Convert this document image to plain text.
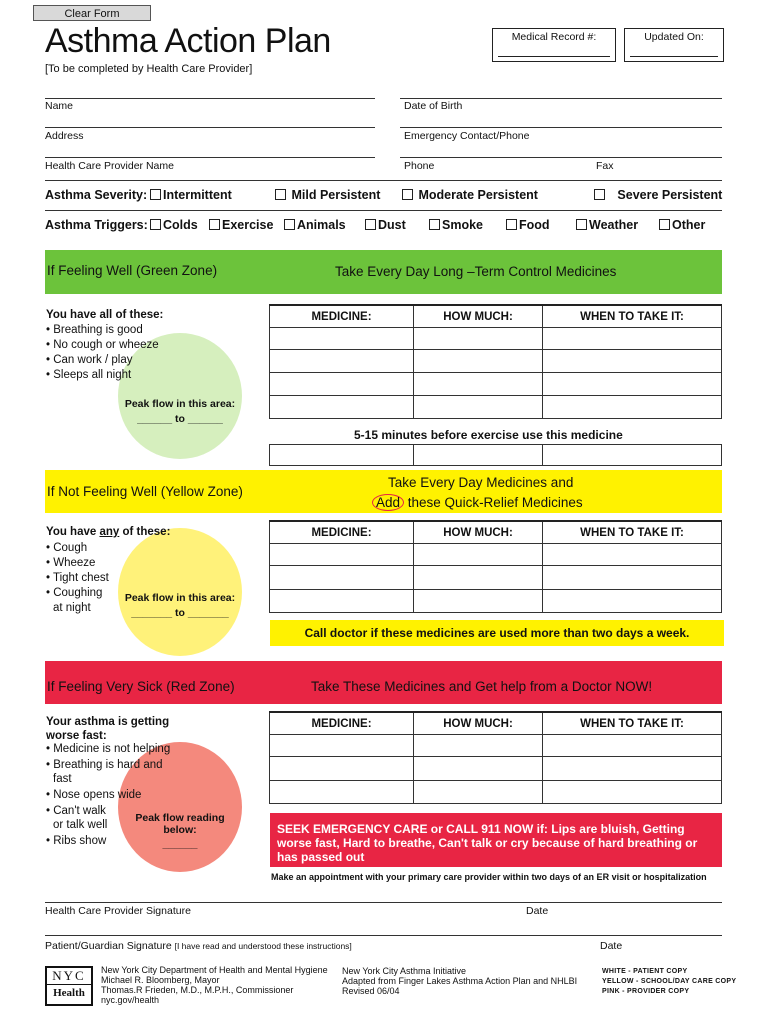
Clear Form
Asthma Action Plan
[To be completed by Health Care Provider]
Medical Record #:	Updated On:
Name	Date of Birth
Address	Emergency Contact/Phone
Health Care Provider Name	Phone	Fax
Asthma Severity:	Intermittent	Mild Persistent	Moderate Persistent	Severe Persistent
Asthma Triggers:	Colds	Exercise	Animals	Dust	Smoke	Food	Weather	Other
If Feeling Well (Green Zone)	Take Every Day Long –Term Control Medicines
Peak flow in this area:
______ to ______
You have all of these:
• Breathing is good
• No cough or wheeze
• Can work / play
• Sleeps all night
MEDICINE:	HOW MUCH:	WHEN TO TAKE IT:

5-15 minutes before exercise use this medicine

If Not Feeling Well (Yellow Zone)
Take Every Day Medicines and
Add these Quick-Relief Medicines
Peak flow in this area:
_______ to _______
You have any of these:
• Cough
• Wheeze
• Tight chest
• Coughing
at night
MEDICINE:	HOW MUCH:	WHEN TO TAKE IT:

Call doctor if these medicines are used more than two days a week.
If Feeling Very Sick (Red Zone)	Take These Medicines and Get help from a Doctor NOW!
Peak flow reading below:
______
Your asthma is getting
worse fast:
• Medicine is not helping
• Breathing is hard and
fast
• Nose opens wide
• Can't walk
or talk well
• Ribs show
MEDICINE:	HOW MUCH:	WHEN TO TAKE IT:

SEEK EMERGENCY CARE or CALL 911 NOW if: Lips are bluish, Getting worse fast, Hard to breathe, Can't talk or cry because of hard breathing or has passed out
Make an appointment with your primary care provider within two days of an ER visit or hospitalization
Health Care Provider Signature	Date
Patient/Guardian Signature [I have read and understood these instructions]	Date
NYC
Health
New York City Department of Health and Mental Hygiene
Michael R. Bloomberg, Mayor
Thomas.R Frieden, M.D., M.P.H., Commissioner
nyc.gov/health
New York City Asthma Initiative
Adapted from Finger Lakes Asthma Action Plan and NHLBI
Revised 06/04
WHITE - PATIENT COPY
YELLOW - SCHOOL/DAY CARE COPY
PINK - PROVIDER COPY
